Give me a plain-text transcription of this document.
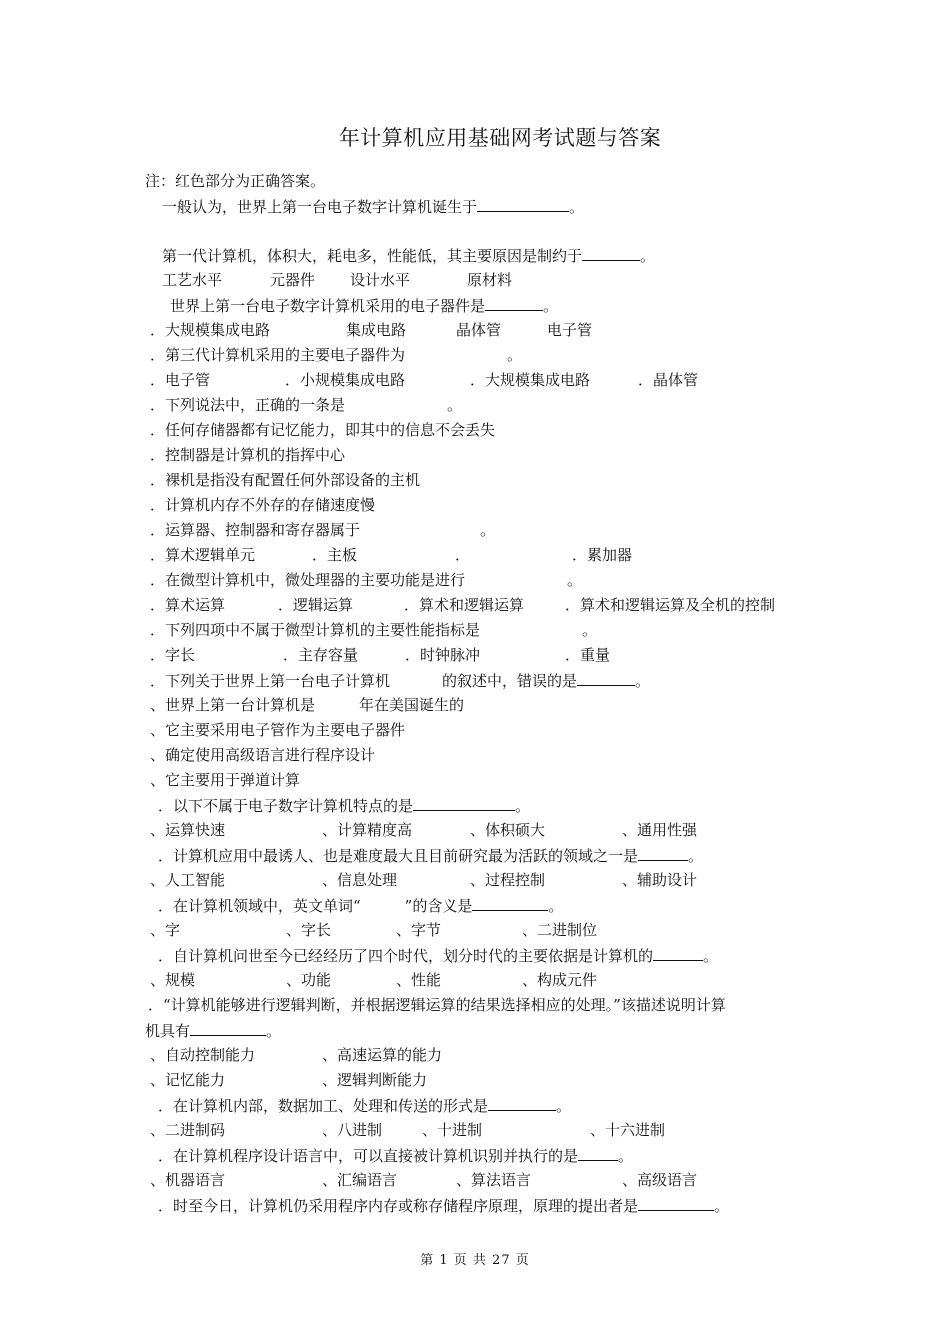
年计算机应用基础网考试题与答案
注：红色部分为正确答案。
一般认为，世界上第一台电子数字计算机诞生于	。
第一代计算机，体积大，耗电多，性能低，其主要原因是制约于	。
工艺水平	元器件 设计水平	原材料
世界上第一台电子数字计算机采用的电子器件是	。
．大规模集成电路	集成电路	晶体管	电子管
．第三代计算机采用的主要电子器件为	。
．电子管	．小规模集成电路	．大规模集成电路	．晶体管
．下列说法中，正确的一条是	。
．任何存储器都有记忆能力，即其中的信息不会丢失
．控制器是计算机的指挥中心
．裸机是指没有配置任何外部设备的主机
．计算机内存不外存的存储速度慢
．运算器、控制器和寄存器属于	。
．算术逻辑单元	．主板	．	．累加器
．在微型计算机中，微处理器的主要功能是进行	。
．算术运算	．逻辑运算	．算术和逻辑运算	．算术和逻辑运算及全机的控制
．下列四项中不属于微型计算机的主要性能指标是	。
．字长	．主存容量	．时钟脉冲	．重量
．下列关于世界上第一台电子计算机	的叙述中，错误的是	。
、世界上第一台计算机是	年在美国诞生的
、它主要采用电子管作为主要电子器件
、确定使用高级语言进行程序设计
、它主要用于弹道计算
．以下不属于电子数字计算机特点的是	。
、运算快速	、计算精度高	、体积硕大	、通用性强
．计算机应用中最诱人、也是难度最大且目前研究最为活跃的领域之一是	。
、人工智能	、信息处理	、过程控制	、辅助设计
．在计算机领域中，英文单词“	”的含义是	。
、字	、字长	、字节	、二进制位
．自计算机问世至今已经经历了四个时代，划分时代的主要依据是计算机的	。
、规模	、功能	、性能	、构成元件
．“计算机能够进行逻辑判断，并根据逻辑运算的结果选择相应的处理。”该描述说明计算
机具有	。
、自动控制能力	、高速运算的能力
、记忆能力	、逻辑判断能力
．在计算机内部，数据加工、处理和传送的形式是	。
、二进制码	、八进制	、十进制	、十六进制
．在计算机程序设计语言中，可以直接被计算机识别并执行的是	。
、机器语言	、汇编语言	、算法语言	、高级语言
．时至今日，计算机仍采用程序内存或称存储程序原理，原理的提出者是	。
第 1 页 共 27 页
